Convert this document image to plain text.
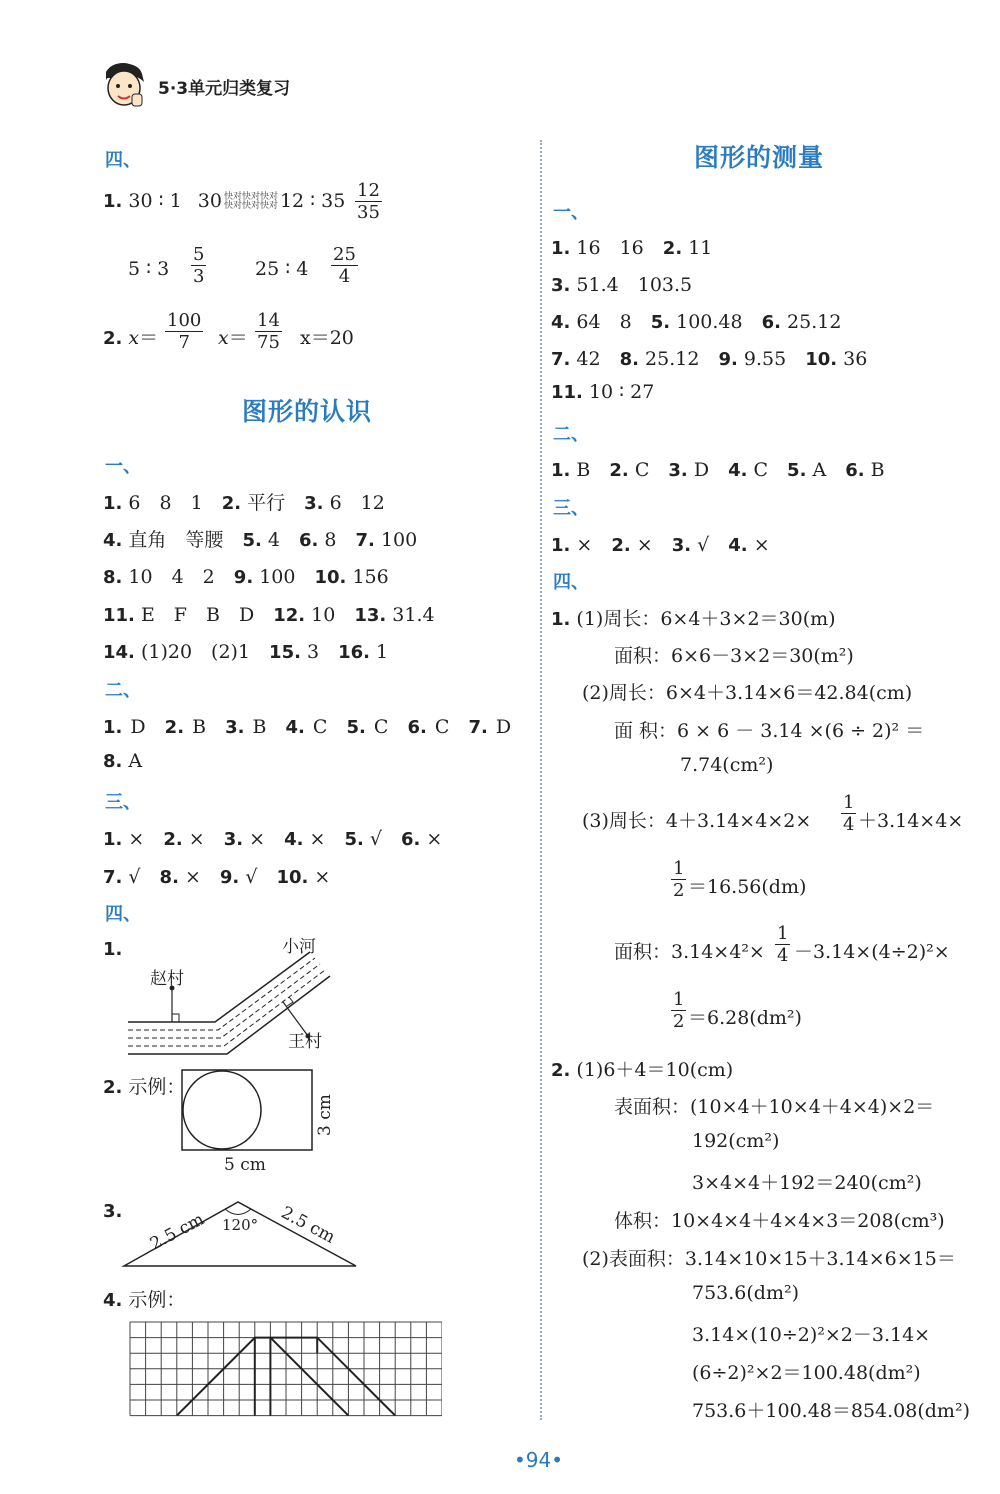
5·3单元归类复习
四、
1. 30 ∶ 1 30 快对快对快对
快对快对快对 12 ∶ $35 \frac{12}{35}$
5 ∶ $3 \frac{5}{3}$	25 ∶ $4 \frac{25}{4}$
2. $x= \frac{100}{7} x= \frac{14}{75} x=20$
图形的认识
一、
1. 6　8　1　 2. 平行　 3. 6　12
4. 直角　等腰　 5. 4　 6. 8　 7. 100
8. 10　4　2　 9. 100　 10. 156
11. E　F　B　D　 12. 10　 13. 31.4
14. (1)20　(2)1　 15. 3　 16. 1
二、
1. D　 2. B　 3. B　 4. C　 5. C　 6. C　 7. D
8. A
三、
1. ×　 2. ×　 3. ×　 4. ×　 5. √　 6. ×
7. √　 8. ×　 9. √　 10. ×
四、
1.	小河
赵村
王村
2. 示例：
5 cm
3 cm
3.
120°
2.5 cm	2.5 cm
4. 示例：
图形的测量
一、
1. 16　16　 2. 11
3. 51.4　103.5
4. 64　8　 5. 100.48　 6. 25.12
7. 42　 8. 25.12　 9. 9.55　 10. 36
11. 10 ∶ 27
二、
1. B　 2. C　 3. D　 4. C　 5. A　 6. B
三、
1. ×　 2. ×　 3. √　 4. ×
四、
1. (1)周长：6×4＋3×2＝30(m)
面积：6×6－3×2＝30(m²)
(2)周长：6×4＋3.14×6＝42.84(cm)
面 积：6 × 6 － 3.14 ×(6 ÷ 2)² ＝
7.74(cm²)
(3)周长：$4+3.14\times 4\times 2\times \frac{1}{4} +3.14\times 4\times$
$\frac{1}{2} =16.56(dm)$
面积：$3.14\times 4^2\times \frac{1}{4} -3.14\times(4\div 2)^2\times$
$\frac{1}{2} =6.28(dm^2)$
2. (1)6＋4＝10(cm)
表面积：(10×4＋10×4＋4×4)×2＝
192(cm²)
3×4×4＋192＝240(cm²)
体积：10×4×4＋4×4×3＝208(cm³)
(2)表面积：3.14×10×15＋3.14×6×15＝
753.6(dm²)
3.14×(10÷2)²×2－3.14×
(6÷2)²×2＝100.48(dm²)
753.6＋100.48＝854.08(dm²)
•94•
